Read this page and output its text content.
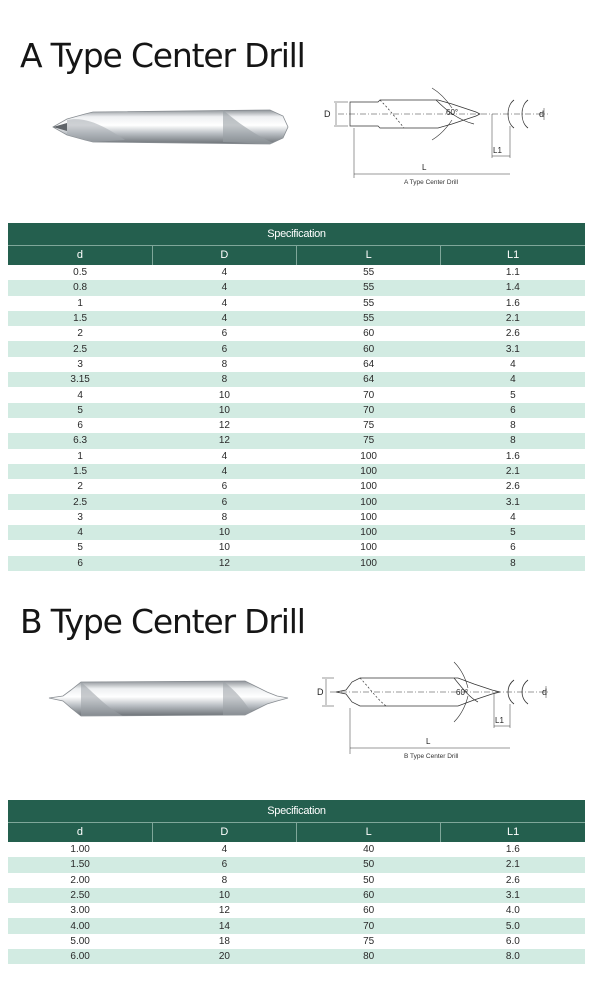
A Type Center Drill
D	d
60°
L1
L
A Type Center Drill
Specification			
d	D	L	L1
0.5	4	55	1.1
0.8	4	55	1.4
1	4	55	1.6
1.5	4	55	2.1
2	6	60	2.6
2.5	6	60	3.1
3	8	64	4
3.15	8	64	4
4	10	70	5
5	10	70	6
6	12	75	8
6.3	12	75	8
1	4	100	1.6
1.5	4	100	2.1
2	6	100	2.6
2.5	6	100	3.1
3	8	100	4
4	10	100	5
5	10	100	6
6	12	100	8
B Type Center Drill
D	d
60°
L1
L
B Type Center Drill
Specification			
d	D	L	L1
1.00	4	40	1.6
1.50	6	50	2.1
2.00	8	50	2.6
2.50	10	60	3.1
3.00	12	60	4.0
4.00	14	70	5.0
5.00	18	75	6.0
6.00	20	80	8.0
